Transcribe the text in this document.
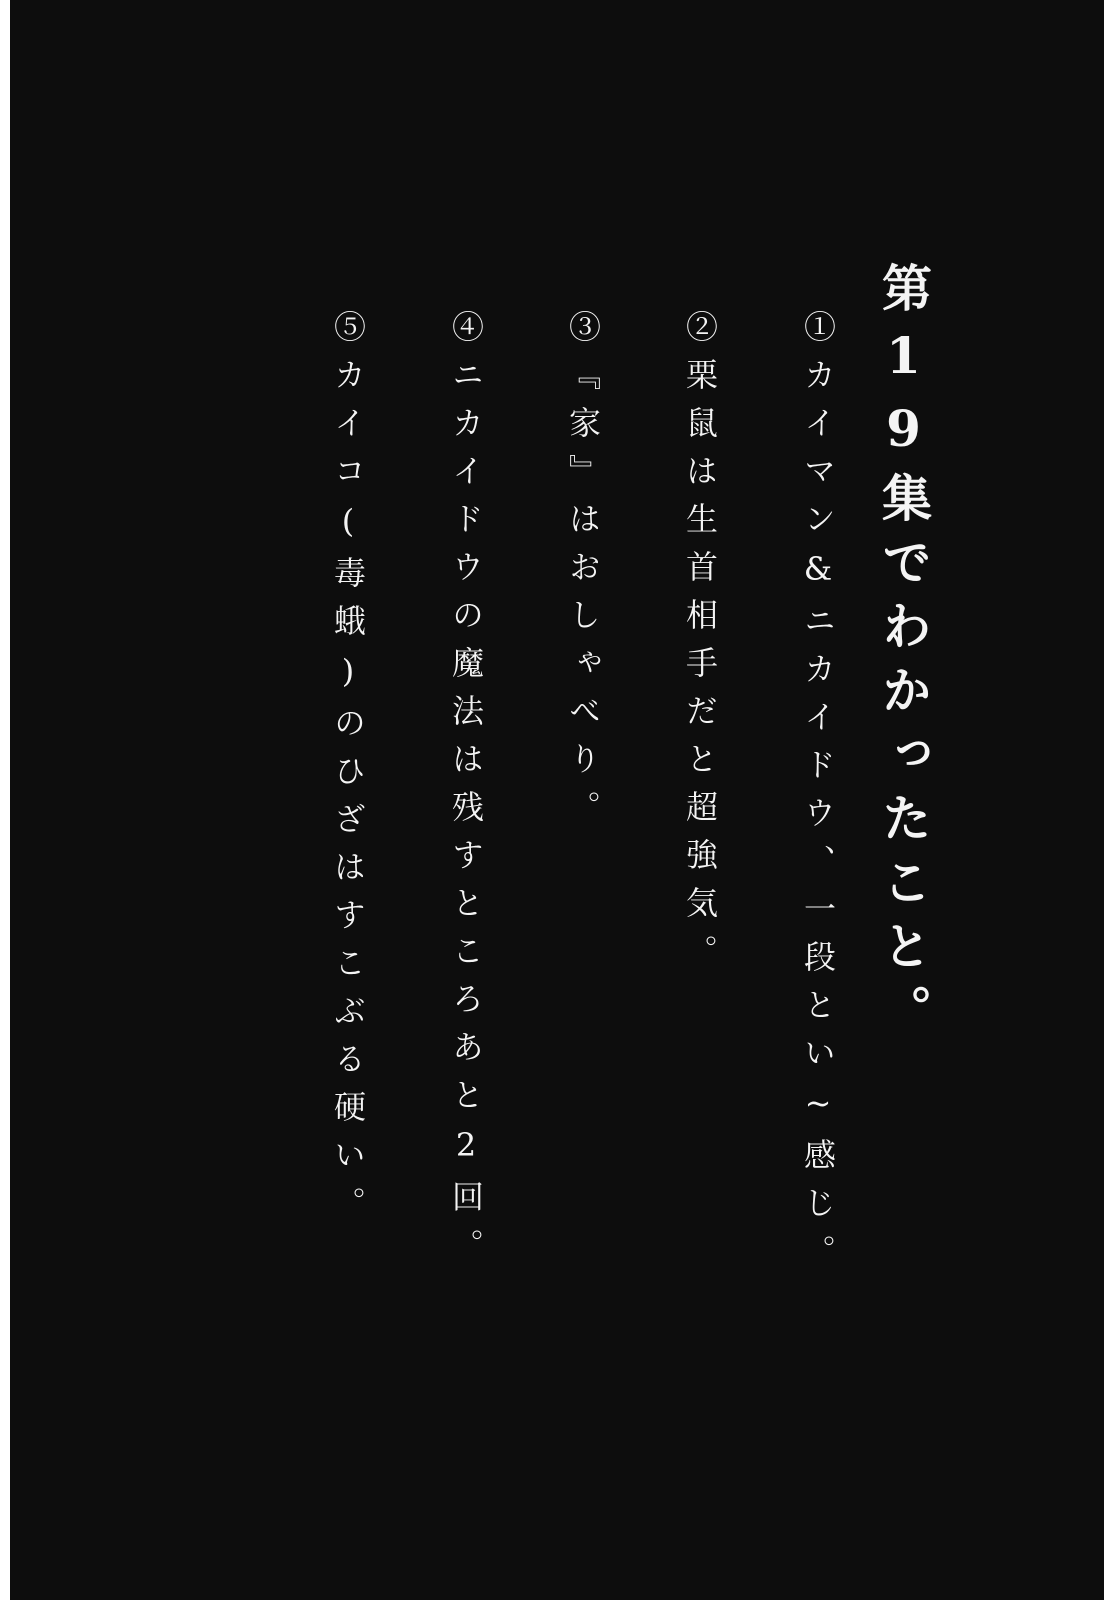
第19集でわかったこと。
①カイマン&ニカイドウ、一段とい~感じ。
②栗鼠は生首相手だと超強気。
③『家』はおしゃべり。
④ニカイドウの魔法は残すところあと2回。
⑤カイコ(毒蛾)のひざはすこぶる硬い。
